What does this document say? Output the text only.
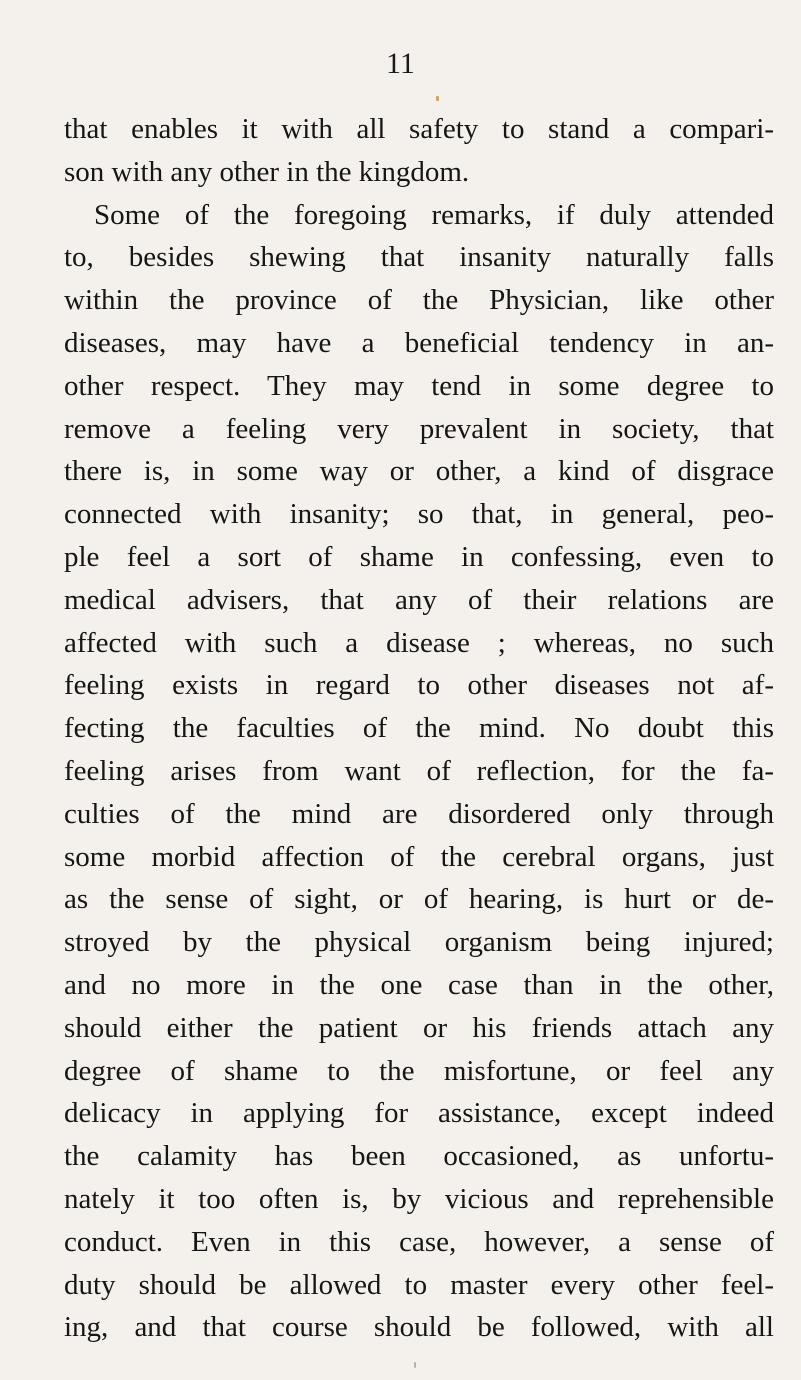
11
that enables it with all safety to stand a compari-
son with any other in the kingdom.
Some of the foregoing remarks, if duly attended
to, besides shewing that insanity naturally falls
within the province of the Physician, like other
diseases, may have a beneficial tendency in an-
other respect. They may tend in some degree to
remove a feeling very prevalent in society, that
there is, in some way or other, a kind of disgrace
connected with insanity; so that, in general, peo-
ple feel a sort of shame in confessing, even to
medical advisers, that any of their relations are
affected with such a disease ; whereas, no such
feeling exists in regard to other diseases not af-
fecting the faculties of the mind. No doubt this
feeling arises from want of reflection, for the fa-
culties of the mind are disordered only through
some morbid affection of the cerebral organs, just
as the sense of sight, or of hearing, is hurt or de-
stroyed by the physical organism being injured;
and no more in the one case than in the other,
should either the patient or his friends attach any
degree of shame to the misfortune, or feel any
delicacy in applying for assistance, except indeed
the calamity has been occasioned, as unfortu-
nately it too often is, by vicious and reprehensible
conduct. Even in this case, however, a sense of
duty should be allowed to master every other feel-
ing, and that course should be followed, with all
